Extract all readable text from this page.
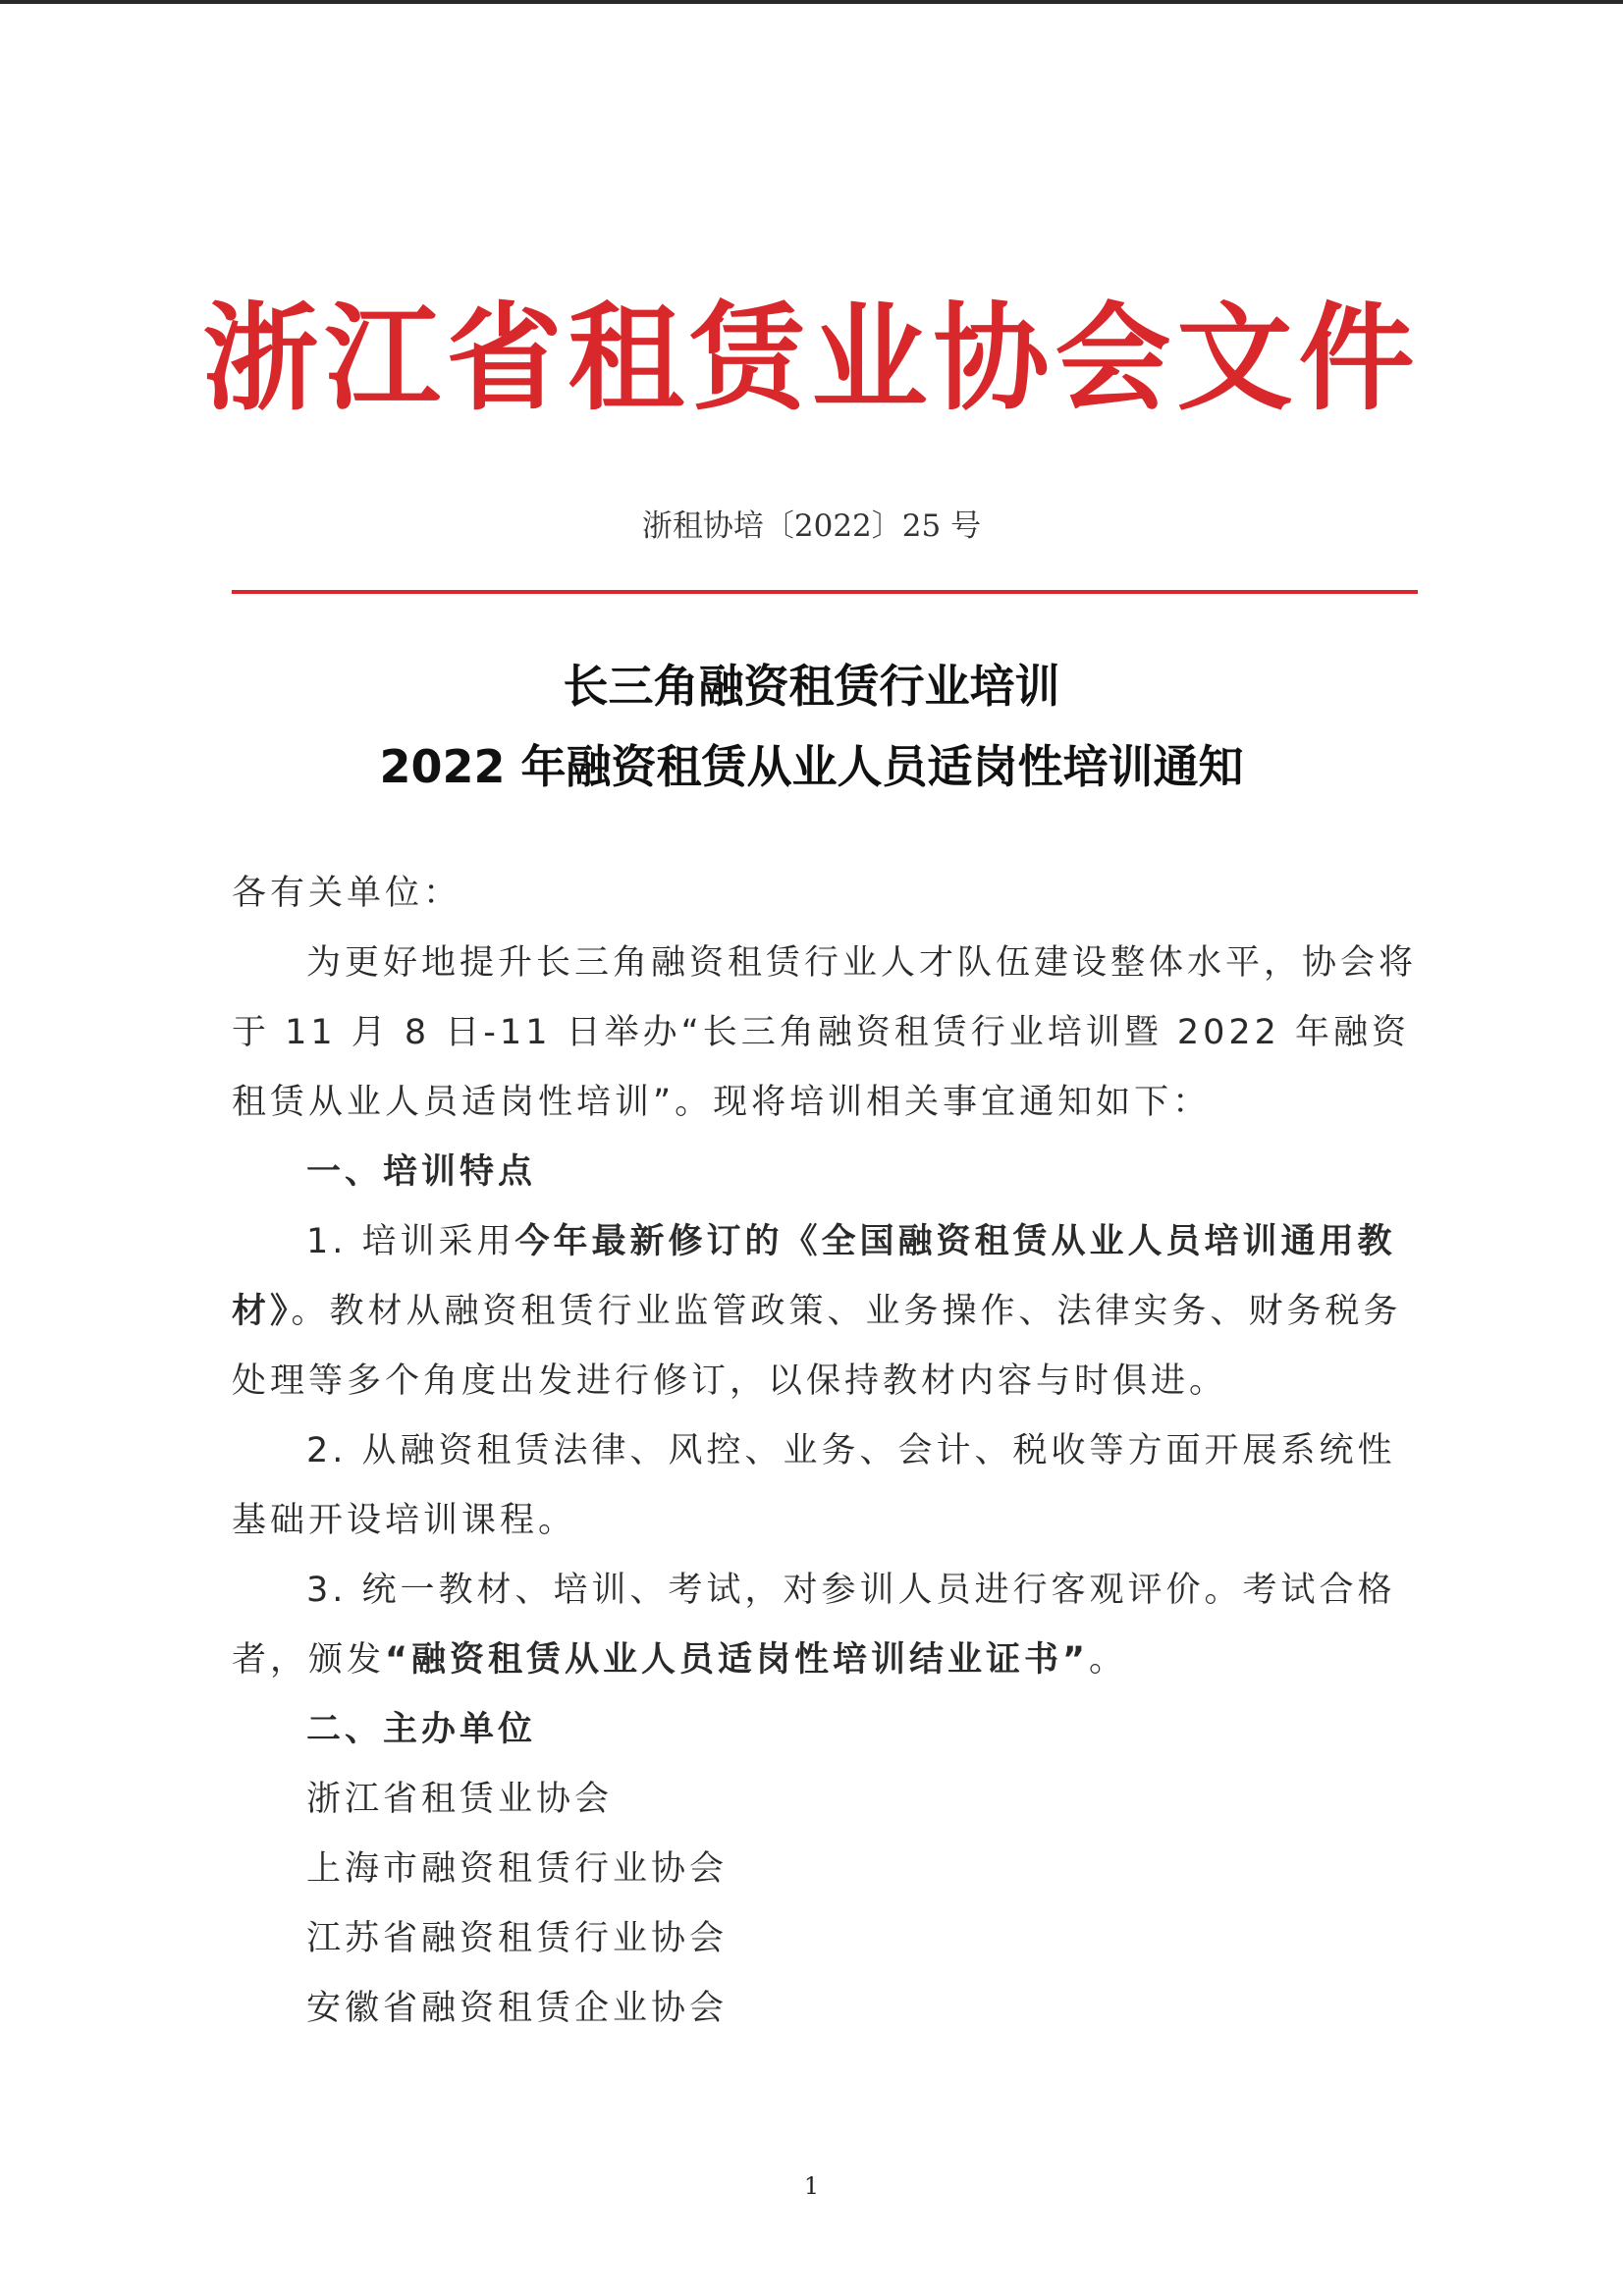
浙江省租赁业协会文件
浙租协培〔2022〕25 号
长三角融资租赁行业培训
2022 年融资租赁从业人员适岗性培训通知

各有关单位：

为更好地提升长三角融资租赁行业人才队伍建设整体水平，协会将于 11 月 8 日-11 日举办“长三角融资租赁行业培训暨 2022 年融资租赁从业人员适岗性培训”。现将培训相关事宜通知如下：

一、培训特点

1. 培训采用今年最新修订的《全国融资租赁从业人员培训通用教材》。教材从融资租赁行业监管政策、业务操作、法律实务、财务税务处理等多个角度出发进行修订，以保持教材内容与时俱进。

2. 从融资租赁法律、风控、业务、会计、税收等方面开展系统性基础开设培训课程。

3. 统一教材、培训、考试，对参训人员进行客观评价。考试合格者，颁发“融资租赁从业人员适岗性培训结业证书”。

二、主办单位

浙江省租赁业协会

上海市融资租赁行业协会

江苏省融资租赁行业协会

安徽省融资租赁企业协会

1
